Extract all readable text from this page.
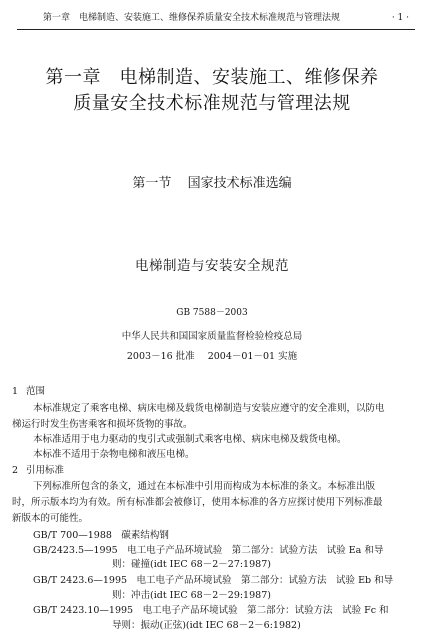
第一章　电梯制造、安装施工、维修保养质量安全技术标准规范与管理法规	· 1 ·
第一章　电梯制造、安装施工、维修保养
质量安全技术标准规范与管理法规
第一节 国家技术标准选编
电梯制造与安装安全规范
GB 7588－2003
中华人民共和国国家质量监督检验检疫总局
2003－16 批准 2004－01－01 实施
1 范围
本标准规定了乘客电梯、病床电梯及载货电梯制造与安装应遵守的安全准则，以防电
梯运行时发生伤害乘客和损坏货物的事故。
本标准适用于电力驱动的曳引式或强制式乘客电梯、病床电梯及载货电梯。
本标准不适用于杂物电梯和液压电梯。
2 引用标准
下列标准所包含的条文，通过在本标准中引用而构成为本标准的条文。本标准出版
时，所示版本均为有效。所有标准都会被修订，使用本标准的各方应探讨使用下列标准最
新版本的可能性。
GB/T 700—1988　碳素结构钢
GB/2423.5—1995　电工电子产品环境试验　第二部分：试验方法　试验 Ea 和导
则：碰撞(idt IEC 68－2－27:1987)
GB/T 2423.6—1995　电工电子产品环境试验　第二部分：试验方法　试验 Eb 和导
则：冲击(idt IEC 68－2－29:1987)
GB/T 2423.10—1995　电工电子产品环境试验　第二部分：试验方法　试验 Fc 和
导则：振动(正弦)(idt IEC 68－2－6:1982)
